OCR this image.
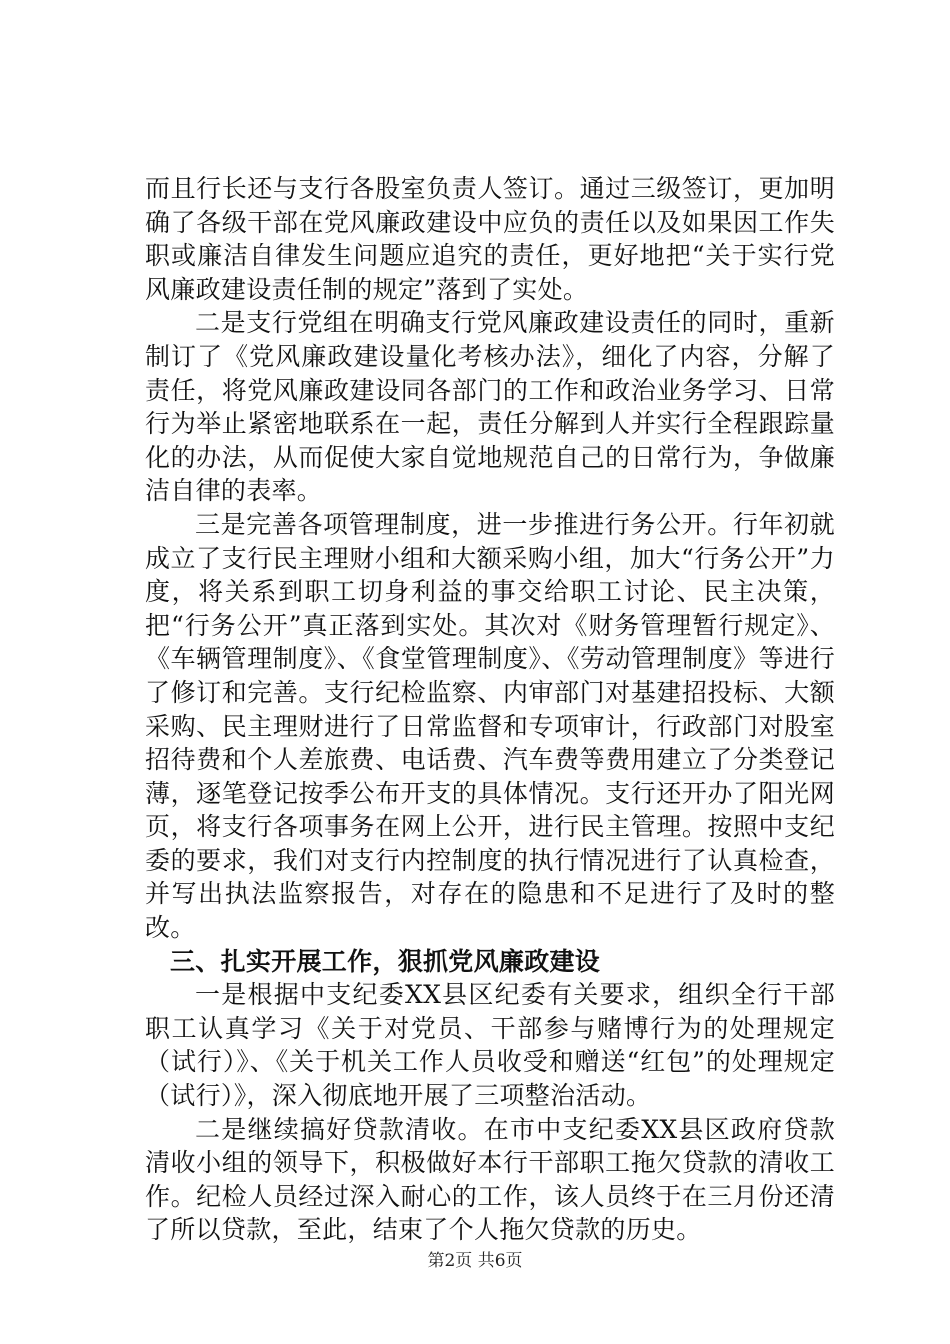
而且行长还与支行各股室负责人签订。通过三级签订，更加明确了各级干部在党风廉政建设中应负的责任以及如果因工作失职或廉洁自律发生问题应追究的责任，更好地把“关于实行党风廉政建设责任制的规定”落到了实处。

二是支行党组在明确支行党风廉政建设责任的同时，重新制订了《党风廉政建设量化考核办法》，细化了内容，分解了责任，将党风廉政建设同各部门的工作和政治业务学习、日常行为举止紧密地联系在一起，责任分解到人并实行全程跟踪量化的办法，从而促使大家自觉地规范自己的日常行为，争做廉洁自律的表率。

三是完善各项管理制度，进一步推进行务公开。行年初就成立了支行民主理财小组和大额采购小组，加大“行务公开”力度，将关系到职工切身利益的事交给职工讨论、民主决策，把“行务公开”真正落到实处。其次对《财务管理暂行规定》、《车辆管理制度》、《食堂管理制度》、《劳动管理制度》等进行了修订和完善。支行纪检监察、内审部门对基建招投标、大额采购、民主理财进行了日常监督和专项审计，行政部门对股室招待费和个人差旅费、电话费、汽车费等费用建立了分类登记薄，逐笔登记按季公布开支的具体情况。支行还开办了阳光网页，将支行各项事务在网上公开，进行民主管理。按照中支纪委的要求，我们对支行内控制度的执行情况进行了认真检查，并写出执法监察报告，对存在的隐患和不足进行了及时的整改。

三、扎实开展工作，狠抓党风廉政建设

一是根据中支纪委XX县区纪委有关要求，组织全行干部职工认真学习《关于对党员、干部参与赌博行为的处理规定（试行）》、《关于机关工作人员收受和赠送“红包”的处理规定（试行）》，深入彻底地开展了三项整治活动。

二是继续搞好贷款清收。在市中支纪委XX县区政府贷款清收小组的领导下，积极做好本行干部职工拖欠贷款的清收工作。纪检人员经过深入耐心的工作，该人员终于在三月份还清了所以贷款，至此，结束了个人拖欠贷款的历史。

第2页 共6页
